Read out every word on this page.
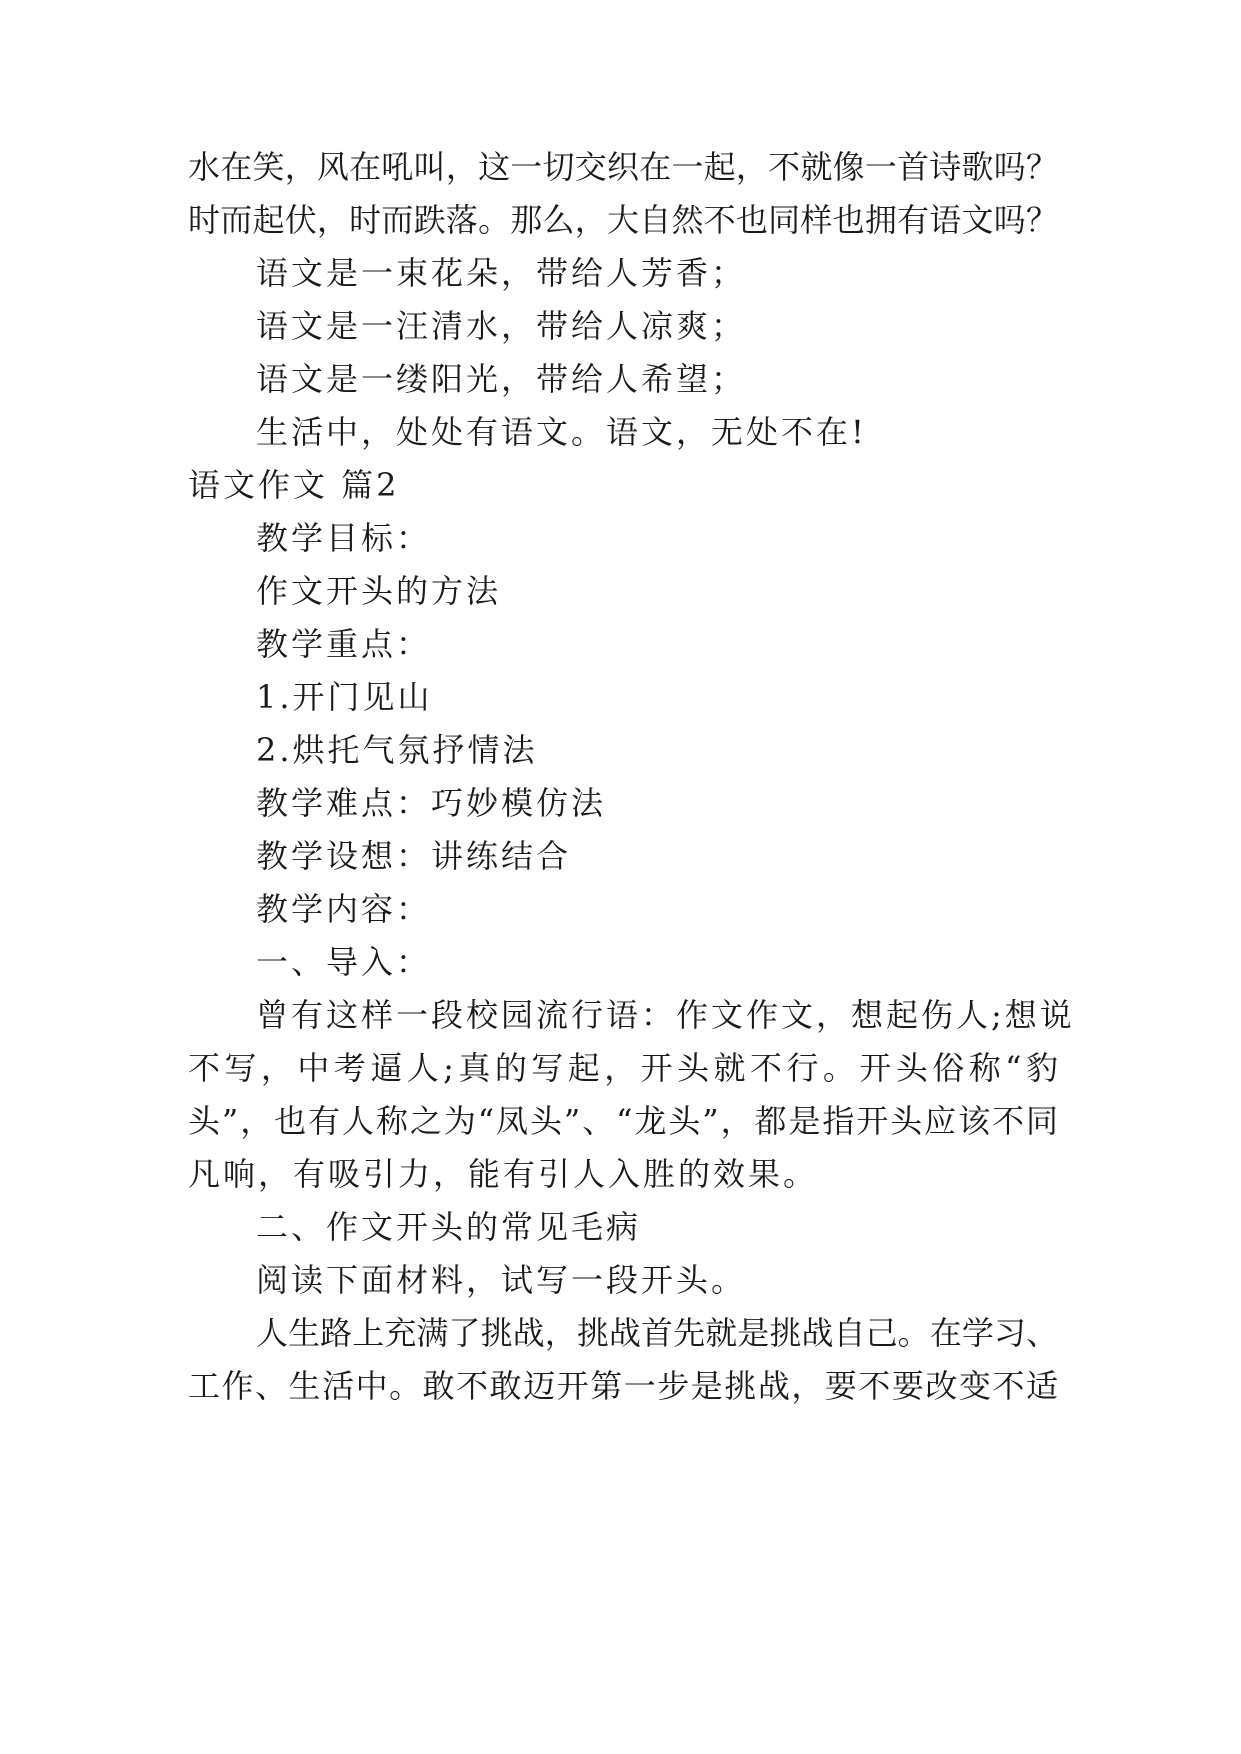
水在笑，风在吼叫，这一切交织在一起，不就像一首诗歌吗？
时而起伏，时而跌落。那么，大自然不也同样也拥有语文吗？
语文是一束花朵，带给人芳香；
语文是一汪清水，带给人凉爽；
语文是一缕阳光，带给人希望；
生活中，处处有语文。语文，无处不在!
语文作文 篇2
教学目标：
作文开头的方法
教学重点：
1.开门见山
2.烘托气氛抒情法
教学难点：巧妙模仿法
教学设想：讲练结合
教学内容：
一、导入：
曾有这样一段校园流行语：作文作文，想起伤人;想说
不写，中考逼人;真的写起，开头就不行。开头俗称“豹
头”，也有人称之为“凤头”、“龙头”，都是指开头应该不同
凡响，有吸引力，能有引人入胜的效果。
二、作文开头的常见毛病
阅读下面材料，试写一段开头。
人生路上充满了挑战，挑战首先就是挑战自己。在学习、
工作、生活中。敢不敢迈开第一步是挑战，要不要改变不适
